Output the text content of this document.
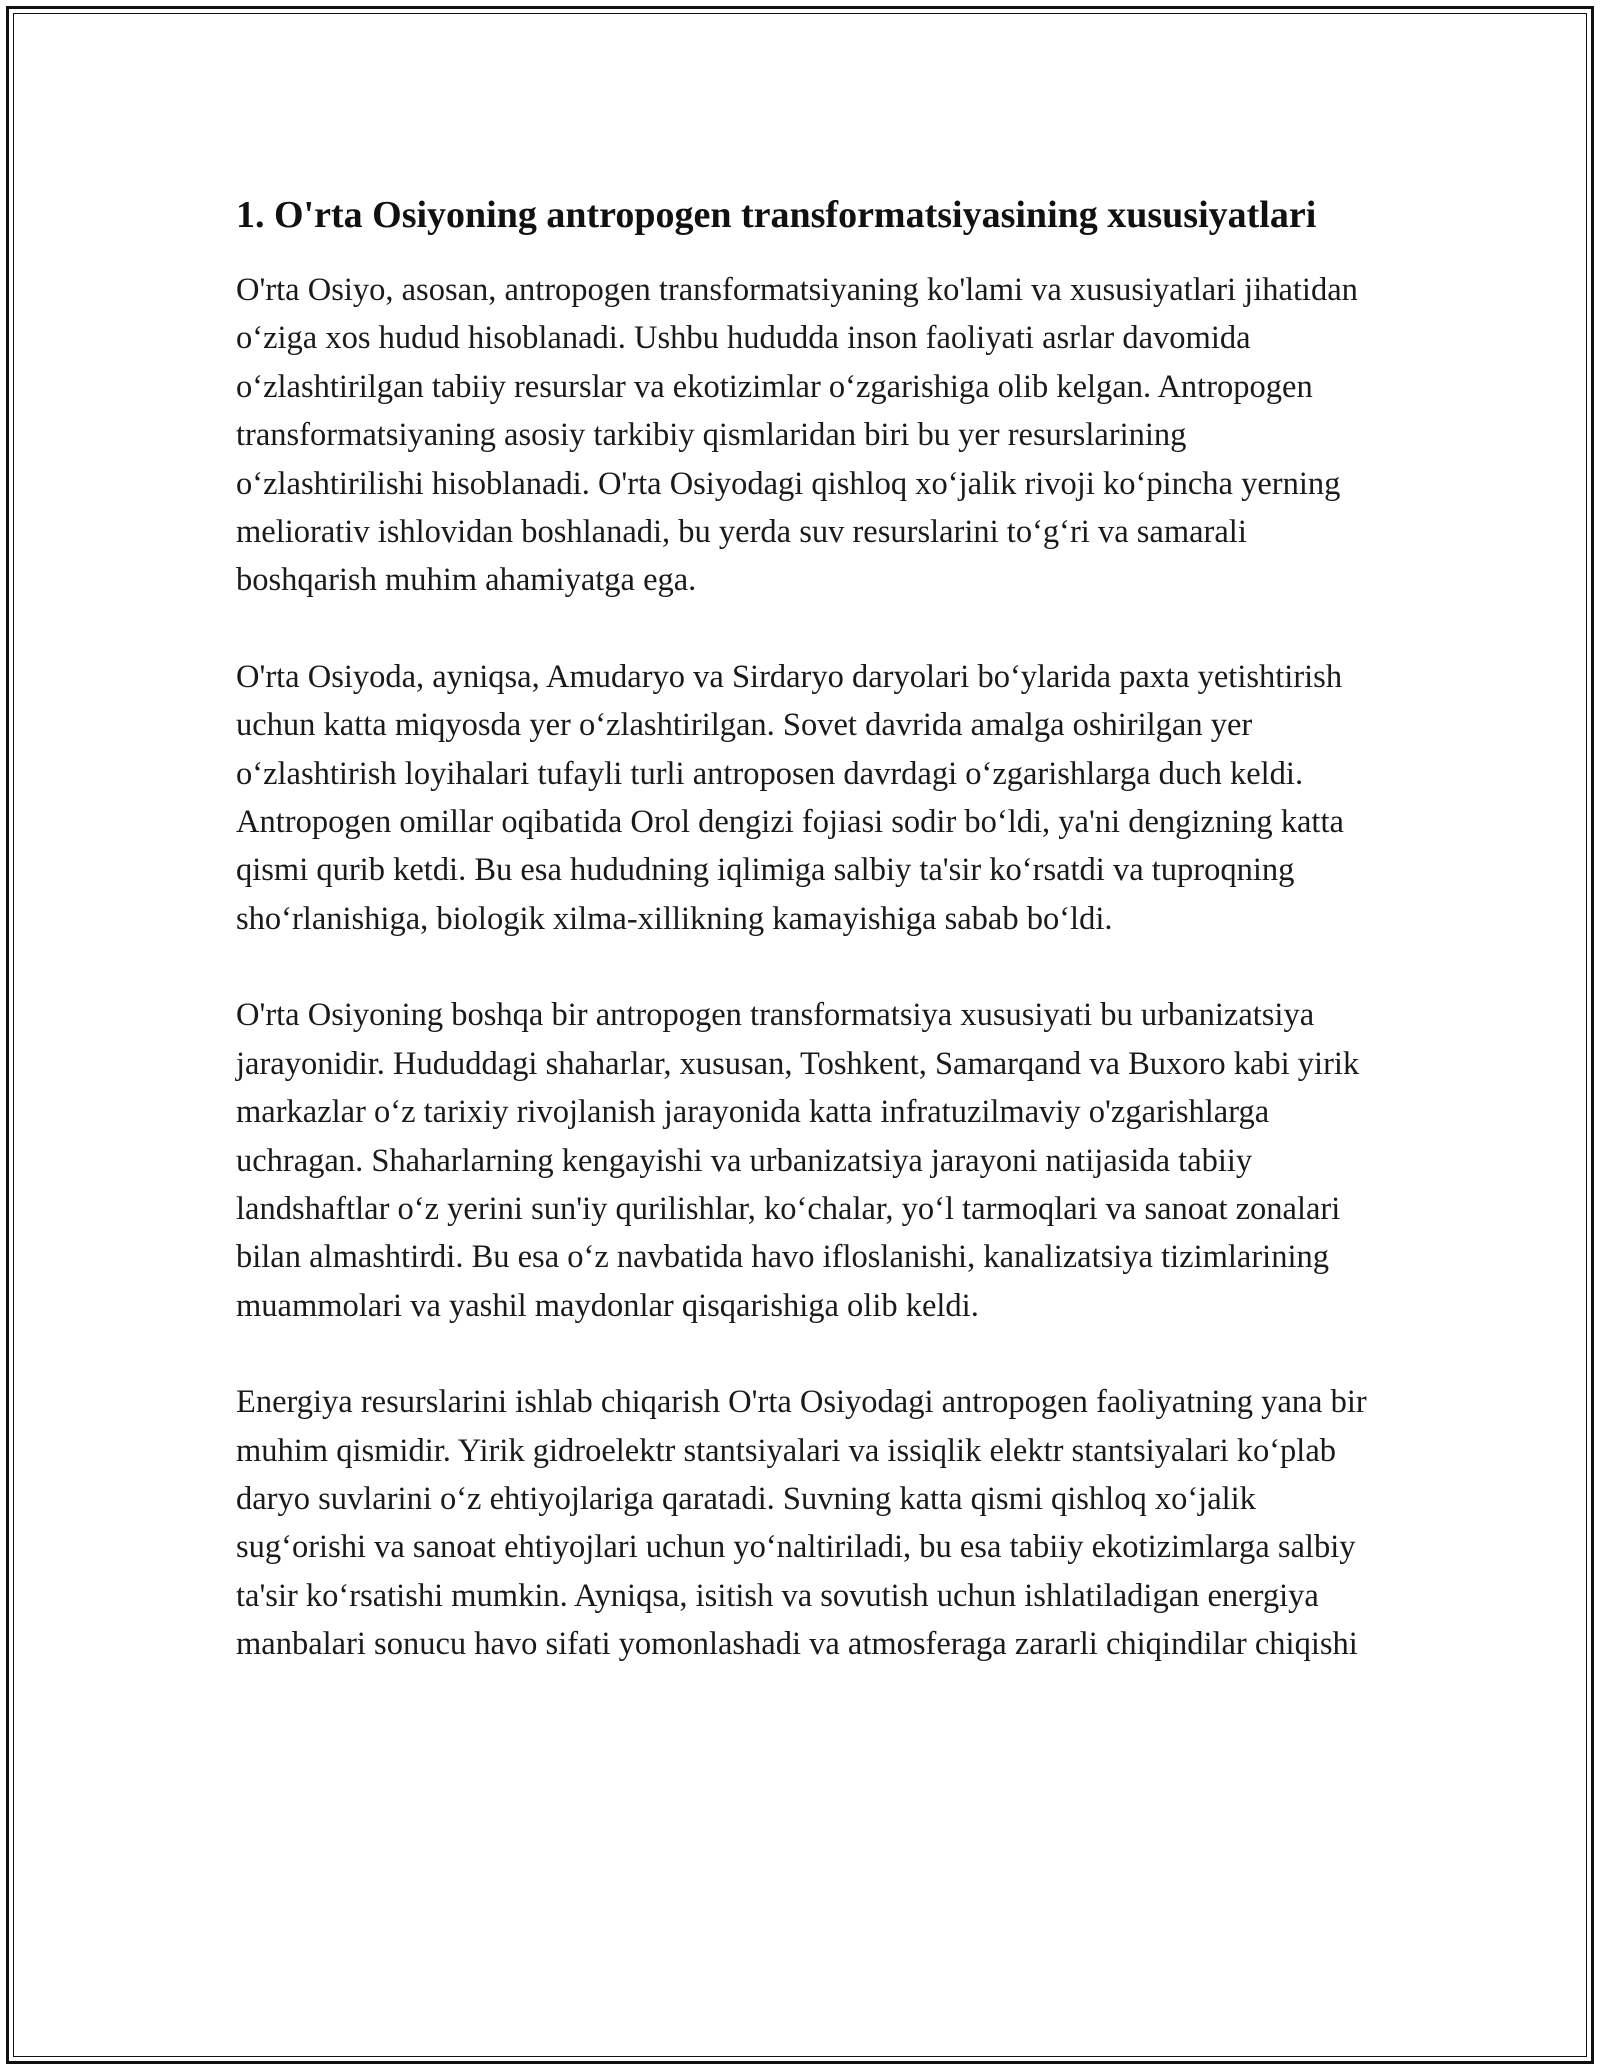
1. O'rta Osiyoning antropogen transformatsiyasining xususiyatlari

O'rta Osiyo, asosan, antropogen transformatsiyaning ko'lami va xususiyatlari jihatidan o‘ziga xos hudud hisoblanadi. Ushbu hududda inson faoliyati asrlar davomida o‘zlashtirilgan tabiiy resurslar va ekotizimlar o‘zgarishiga olib kelgan. Antropogen transformatsiyaning asosiy tarkibiy qismlaridan biri bu yer resurslarining o‘zlashtirilishi hisoblanadi. O'rta Osiyodagi qishloq xo‘jalik rivoji ko‘pincha yerning meliorativ ishlovidan boshlanadi, bu yerda suv resurslarini to‘g‘ri va samarali boshqarish muhim ahamiyatga ega.

O'rta Osiyoda, ayniqsa, Amudaryo va Sirdaryo daryolari bo‘ylarida paxta yetishtirish uchun katta miqyosda yer o‘zlashtirilgan. Sovet davrida amalga oshirilgan yer o‘zlashtirish loyihalari tufayli turli antroposen davrdagi o‘zgarishlarga duch keldi. Antropogen omillar oqibatida Orol dengizi fojiasi sodir bo‘ldi, ya'ni dengizning katta qismi qurib ketdi. Bu esa hududning iqlimiga salbiy ta'sir ko‘rsatdi va tuproqning sho‘rlanishiga, biologik xilma-xillikning kamayishiga sabab bo‘ldi.

O'rta Osiyoning boshqa bir antropogen transformatsiya xususiyati bu urbanizatsiya jarayonidir. Hududdagi shaharlar, xususan, Toshkent, Samarqand va Buxoro kabi yirik markazlar o‘z tarixiy rivojlanish jarayonida katta infratuzilmaviy o'zgarishlarga uchragan. Shaharlarning kengayishi va urbanizatsiya jarayoni natijasida tabiiy landshaftlar o‘z yerini sun'iy qurilishlar, ko‘chalar, yo‘l tarmoqlari va sanoat zonalari bilan almashtirdi. Bu esa o‘z navbatida havo ifloslanishi, kanalizatsiya tizimlarining muammolari va yashil maydonlar qisqarishiga olib keldi.

Energiya resurslarini ishlab chiqarish O'rta Osiyodagi antropogen faoliyatning yana bir muhim qismidir. Yirik gidroelektr stantsiyalari va issiqlik elektr stantsiyalari ko‘plab daryo suvlarini o‘z ehtiyojlariga qaratadi. Suvning katta qismi qishloq xo‘jalik sug‘orishi va sanoat ehtiyojlari uchun yo‘naltiriladi, bu esa tabiiy ekotizimlarga salbiy ta'sir ko‘rsatishi mumkin. Ayniqsa, isitish va sovutish uchun ishlatiladigan energiya manbalari sonucu havo sifati yomonlashadi va atmosferaga zararli chiqindilar chiqishi
